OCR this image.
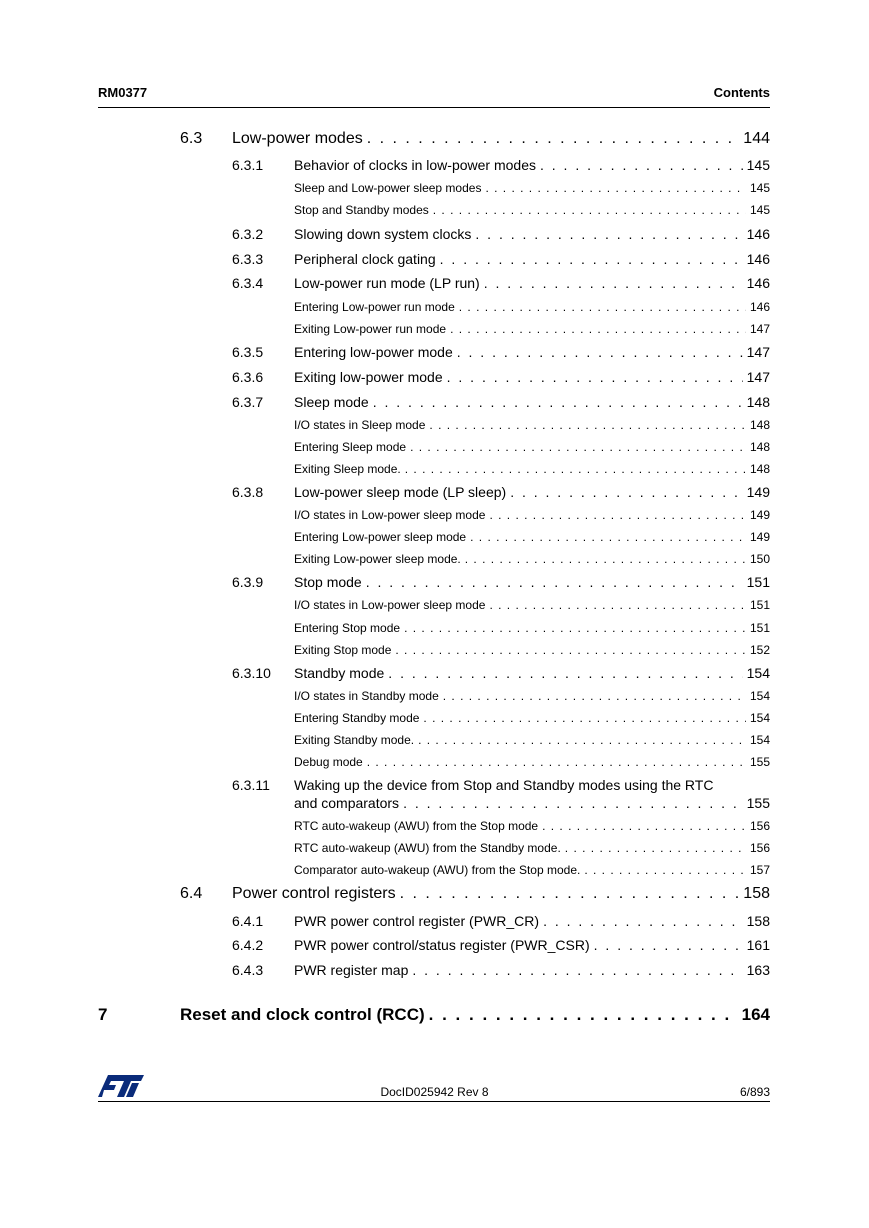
RM0377	Contents
6.3 Low-power modes . . .	144
6.3.1 Behavior of clocks in low-power modes . . .	145
Sleep and Low-power sleep modes . . .	145
Stop and Standby modes . . .	145
6.3.2 Slowing down system clocks . . .	146
6.3.3 Peripheral clock gating . . .	146
6.3.4 Low-power run mode (LP run) . . .	146
Entering Low-power run mode . . .	146
Exiting Low-power run mode . . .	147
6.3.5 Entering low-power mode . . .	147
6.3.6 Exiting low-power mode . . .	147
6.3.7 Sleep mode . . .	148
I/O states in Sleep mode . . .	148
Entering Sleep mode . . .	148
Exiting Sleep mode. . . .	148
6.3.8 Low-power sleep mode (LP sleep) . . .	149
I/O states in Low-power sleep mode . . .	149
Entering Low-power sleep mode . . .	149
Exiting Low-power sleep mode. . . .	150
6.3.9 Stop mode . . .	151
I/O states in Low-power sleep mode . . .	151
Entering Stop mode . . .	151
Exiting Stop mode . . .	152
6.3.10 Standby mode . . .	154
I/O states in Standby mode . . .	154
Entering Standby mode . . .	154
Exiting Standby mode. . . .	154
Debug mode . . .	155
6.3.11 Waking up the device from Stop and Standby modes using the RTC
and comparators . . .	155
RTC auto-wakeup (AWU) from the Stop mode . . .	156
RTC auto-wakeup (AWU) from the Standby mode. . . .	156
Comparator auto-wakeup (AWU) from the Stop mode. . . .	157
6.4 Power control registers . . .	158
6.4.1 PWR power control register (PWR_CR) . . .	158
6.4.2 PWR power control/status register (PWR_CSR) . . .	161
6.4.3 PWR register map . . .	163
7	Reset and clock control (RCC) . . .	164
DocID025942 Rev 8	6/893
